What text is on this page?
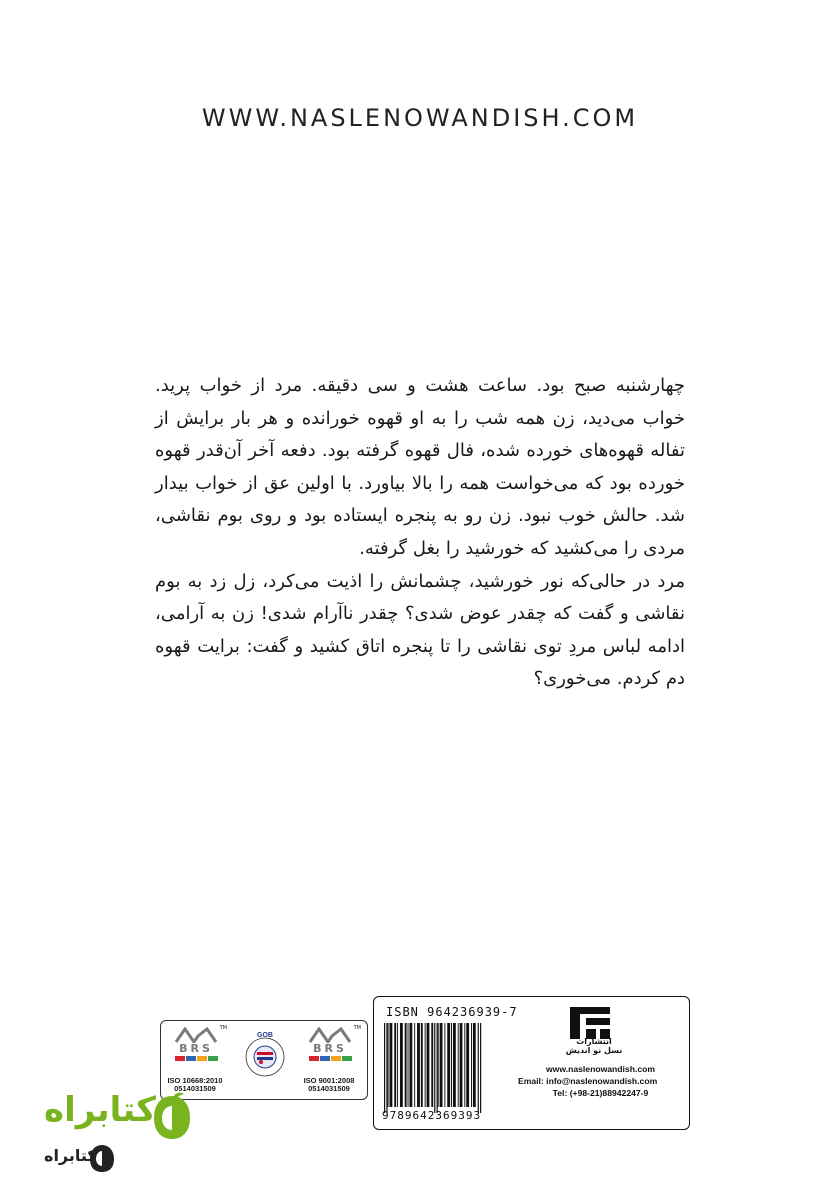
WWW.NASLENOWANDISH.COM

چهارشنبه صبح بود. ساعت هشت و سی دقیقه. مرد از خواب پرید. خواب می‌دید، زن همه شب را به او قهوه خورانده و هر بار برایش از تفاله قهوه‌های خورده شده، فال قهوه گرفته بود. دفعه آخر آن‌قدر قهوه خورده بود که می‌خواست همه را بالا بیاورد. با اولین عق از خواب بیدار شد. حالش خوب نبود. زن رو به پنجره ایستاده بود و روی بوم نقاشی، مردی را می‌کشید که خورشید را بغل گرفته.

مرد در حالی‌که نور خورشید، چشمانش را اذیت می‌کرد، زل زد به بوم نقاشی و گفت که چقدر عوض شدی؟ چقدر ناآرام شدی! زن به آرامی، ادامه لباس مردِ توی نقاشی را تا پنجره اتاق کشید و گفت: برایت قهوه دم کردم. می‌خوری؟

TM
BRS
ISO 10668:2010
0514031509
GOB
TM
BRS
ISO 9001:2008
0514031509
ISBN 964236939-7
9789642369393
انتشارات
نسل نو اندیش
www.naslenowandish.com
Email: info@naslenowandish.com
Tel: (+98-21)88942247-9
کتابراه
کتابراه
